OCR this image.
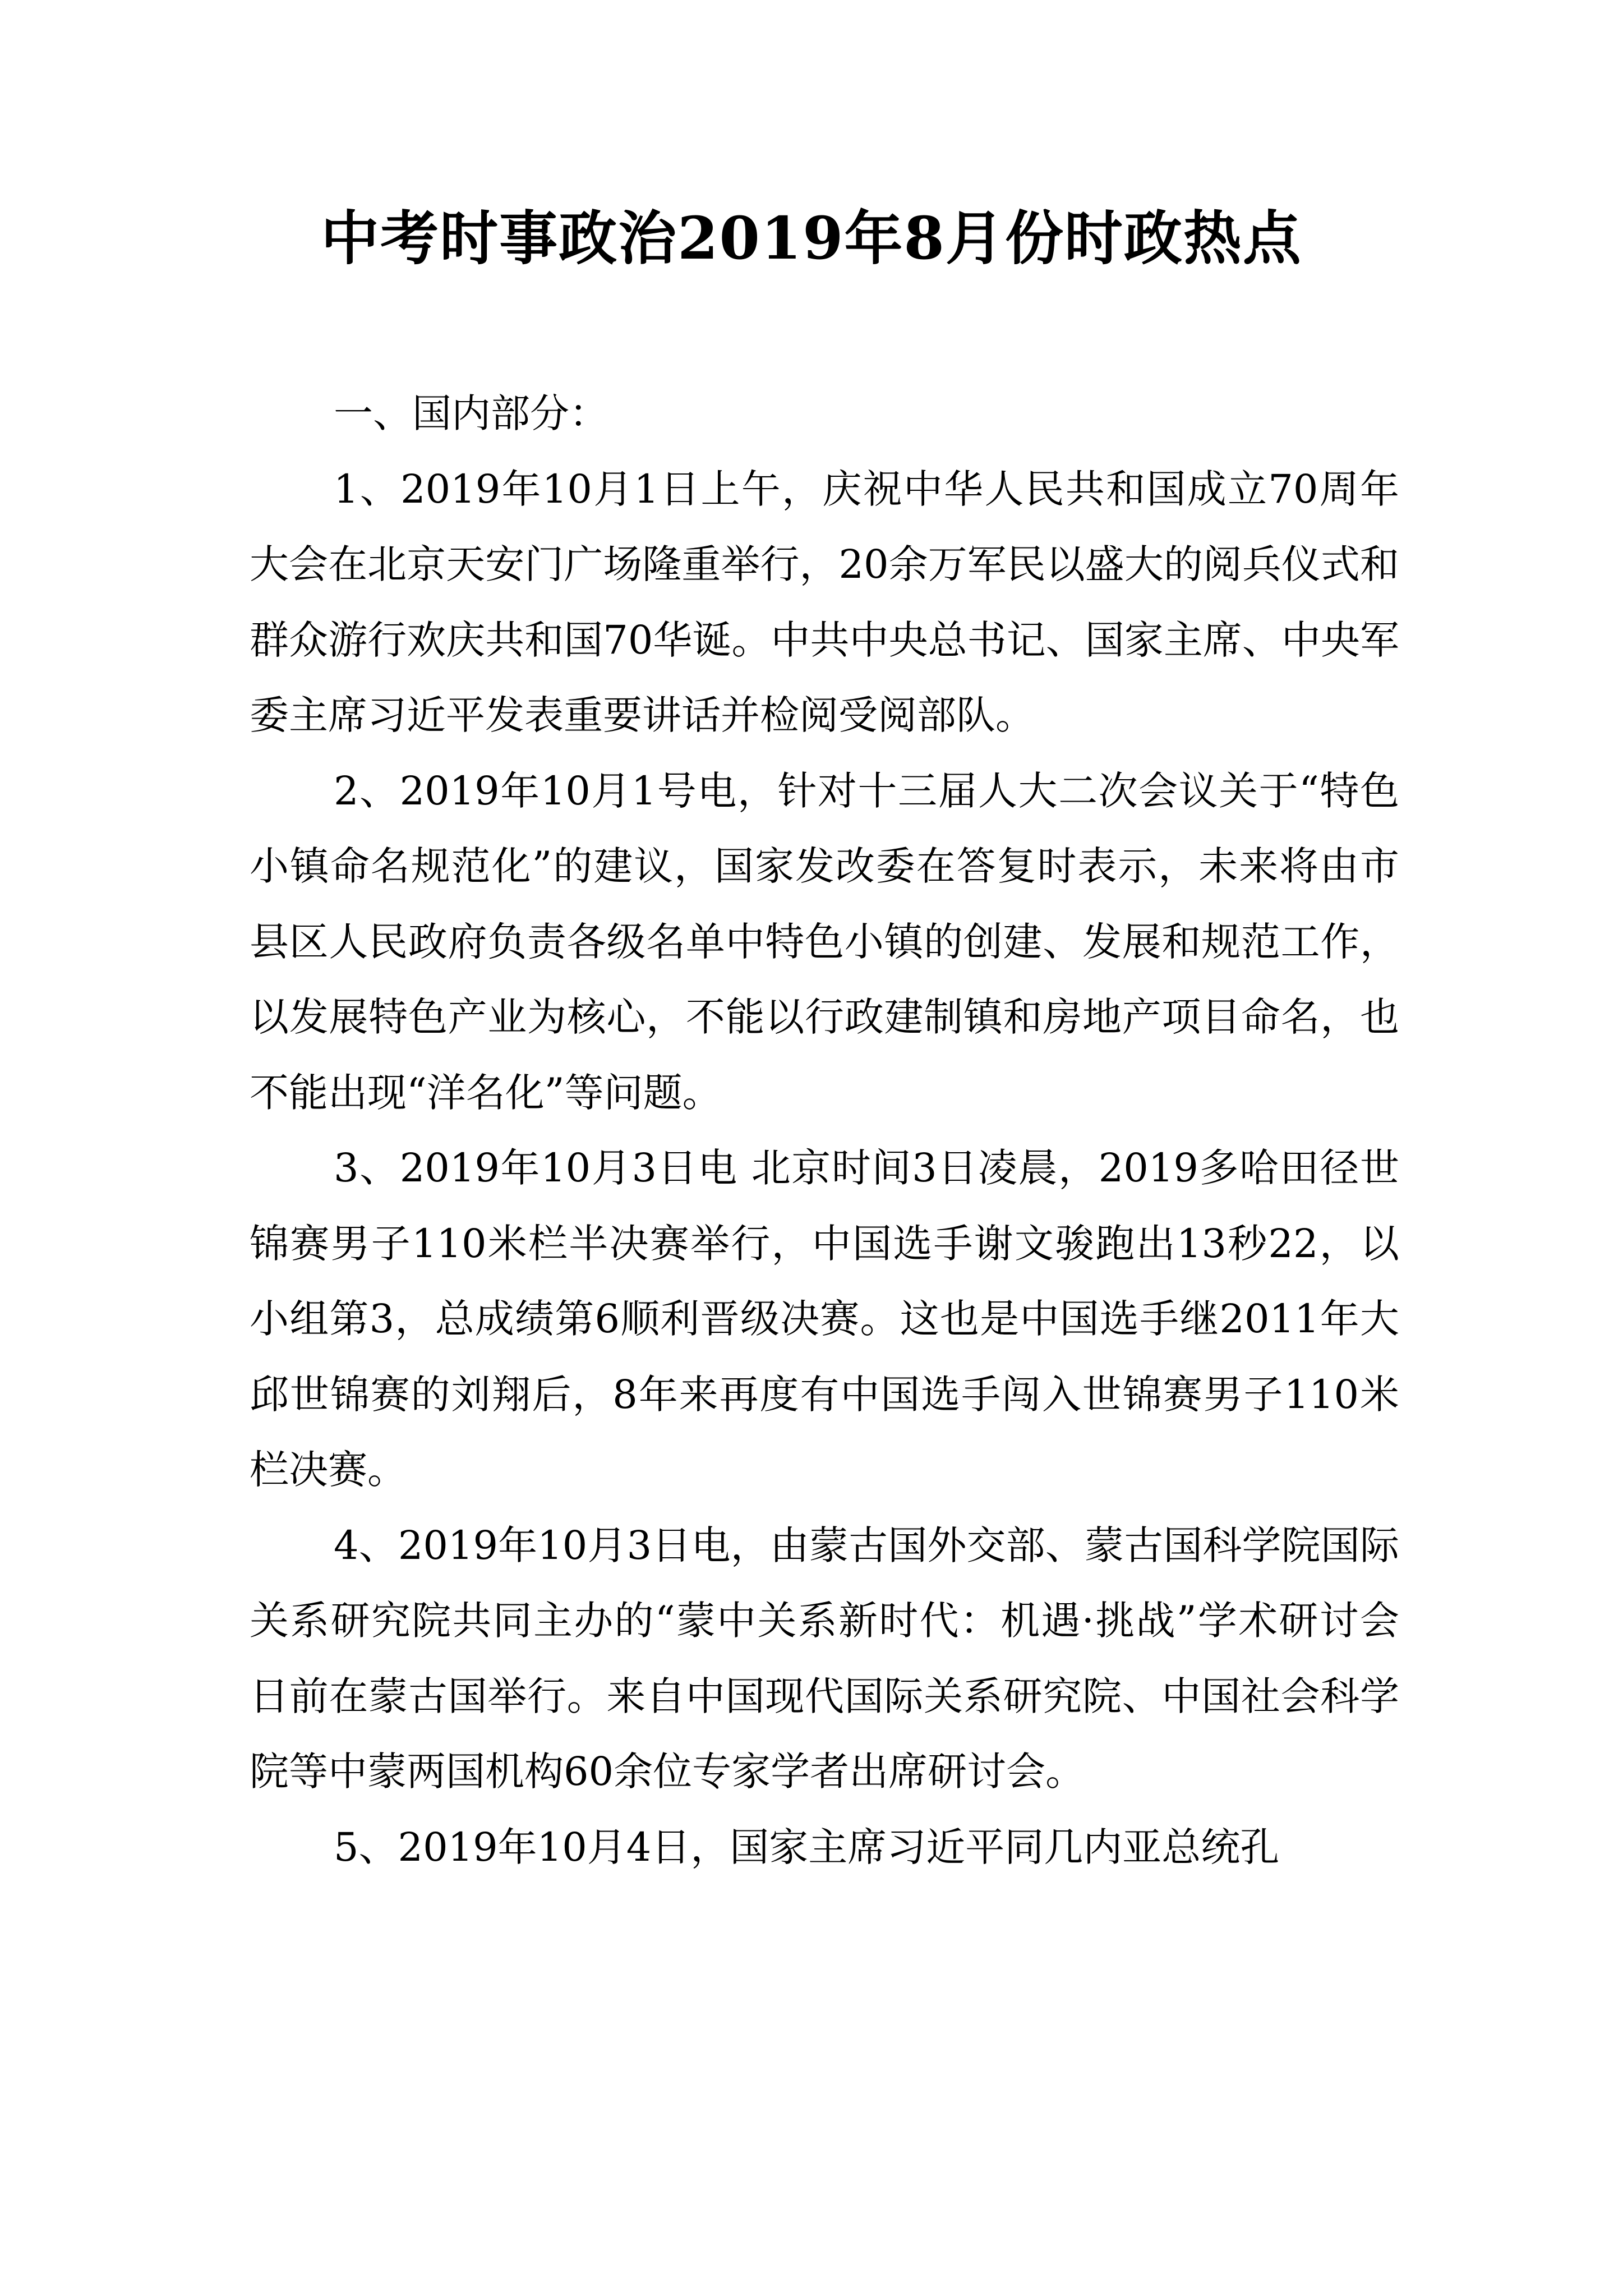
中考时事政治2019年8月份时政热点

一、国内部分：

1、2019年10月1日上午，庆祝中华人民共和国成立70周年大会在北京天安门广场隆重举行，20余万军民以盛大的阅兵仪式和群众游行欢庆共和国70华诞。中共中央总书记、国家主席、中央军委主席习近平发表重要讲话并检阅受阅部队。

2、2019年10月1号电，针对十三届人大二次会议关于“特色小镇命名规范化”的建议，国家发改委在答复时表示，未来将由市县区人民政府负责各级名单中特色小镇的创建、发展和规范工作，以发展特色产业为核心，不能以行政建制镇和房地产项目命名，也不能出现“洋名化”等问题。

3、2019年10月3日电 北京时间3日凌晨，2019多哈田径世锦赛男子110米栏半决赛举行，中国选手谢文骏跑出13秒22，以小组第3，总成绩第6顺利晋级决赛。这也是中国选手继2011年大邱世锦赛的刘翔后，8年来再度有中国选手闯入世锦赛男子110米栏决赛。

4、2019年10月3日电，由蒙古国外交部、蒙古国科学院国际关系研究院共同主办的“蒙中关系新时代：机遇·挑战”学术研讨会日前在蒙古国举行。来自中国现代国际关系研究院、中国社会科学院等中蒙两国机构60余位专家学者出席研讨会。

5、2019年10月4日，国家主席习近平同几内亚总统孔
